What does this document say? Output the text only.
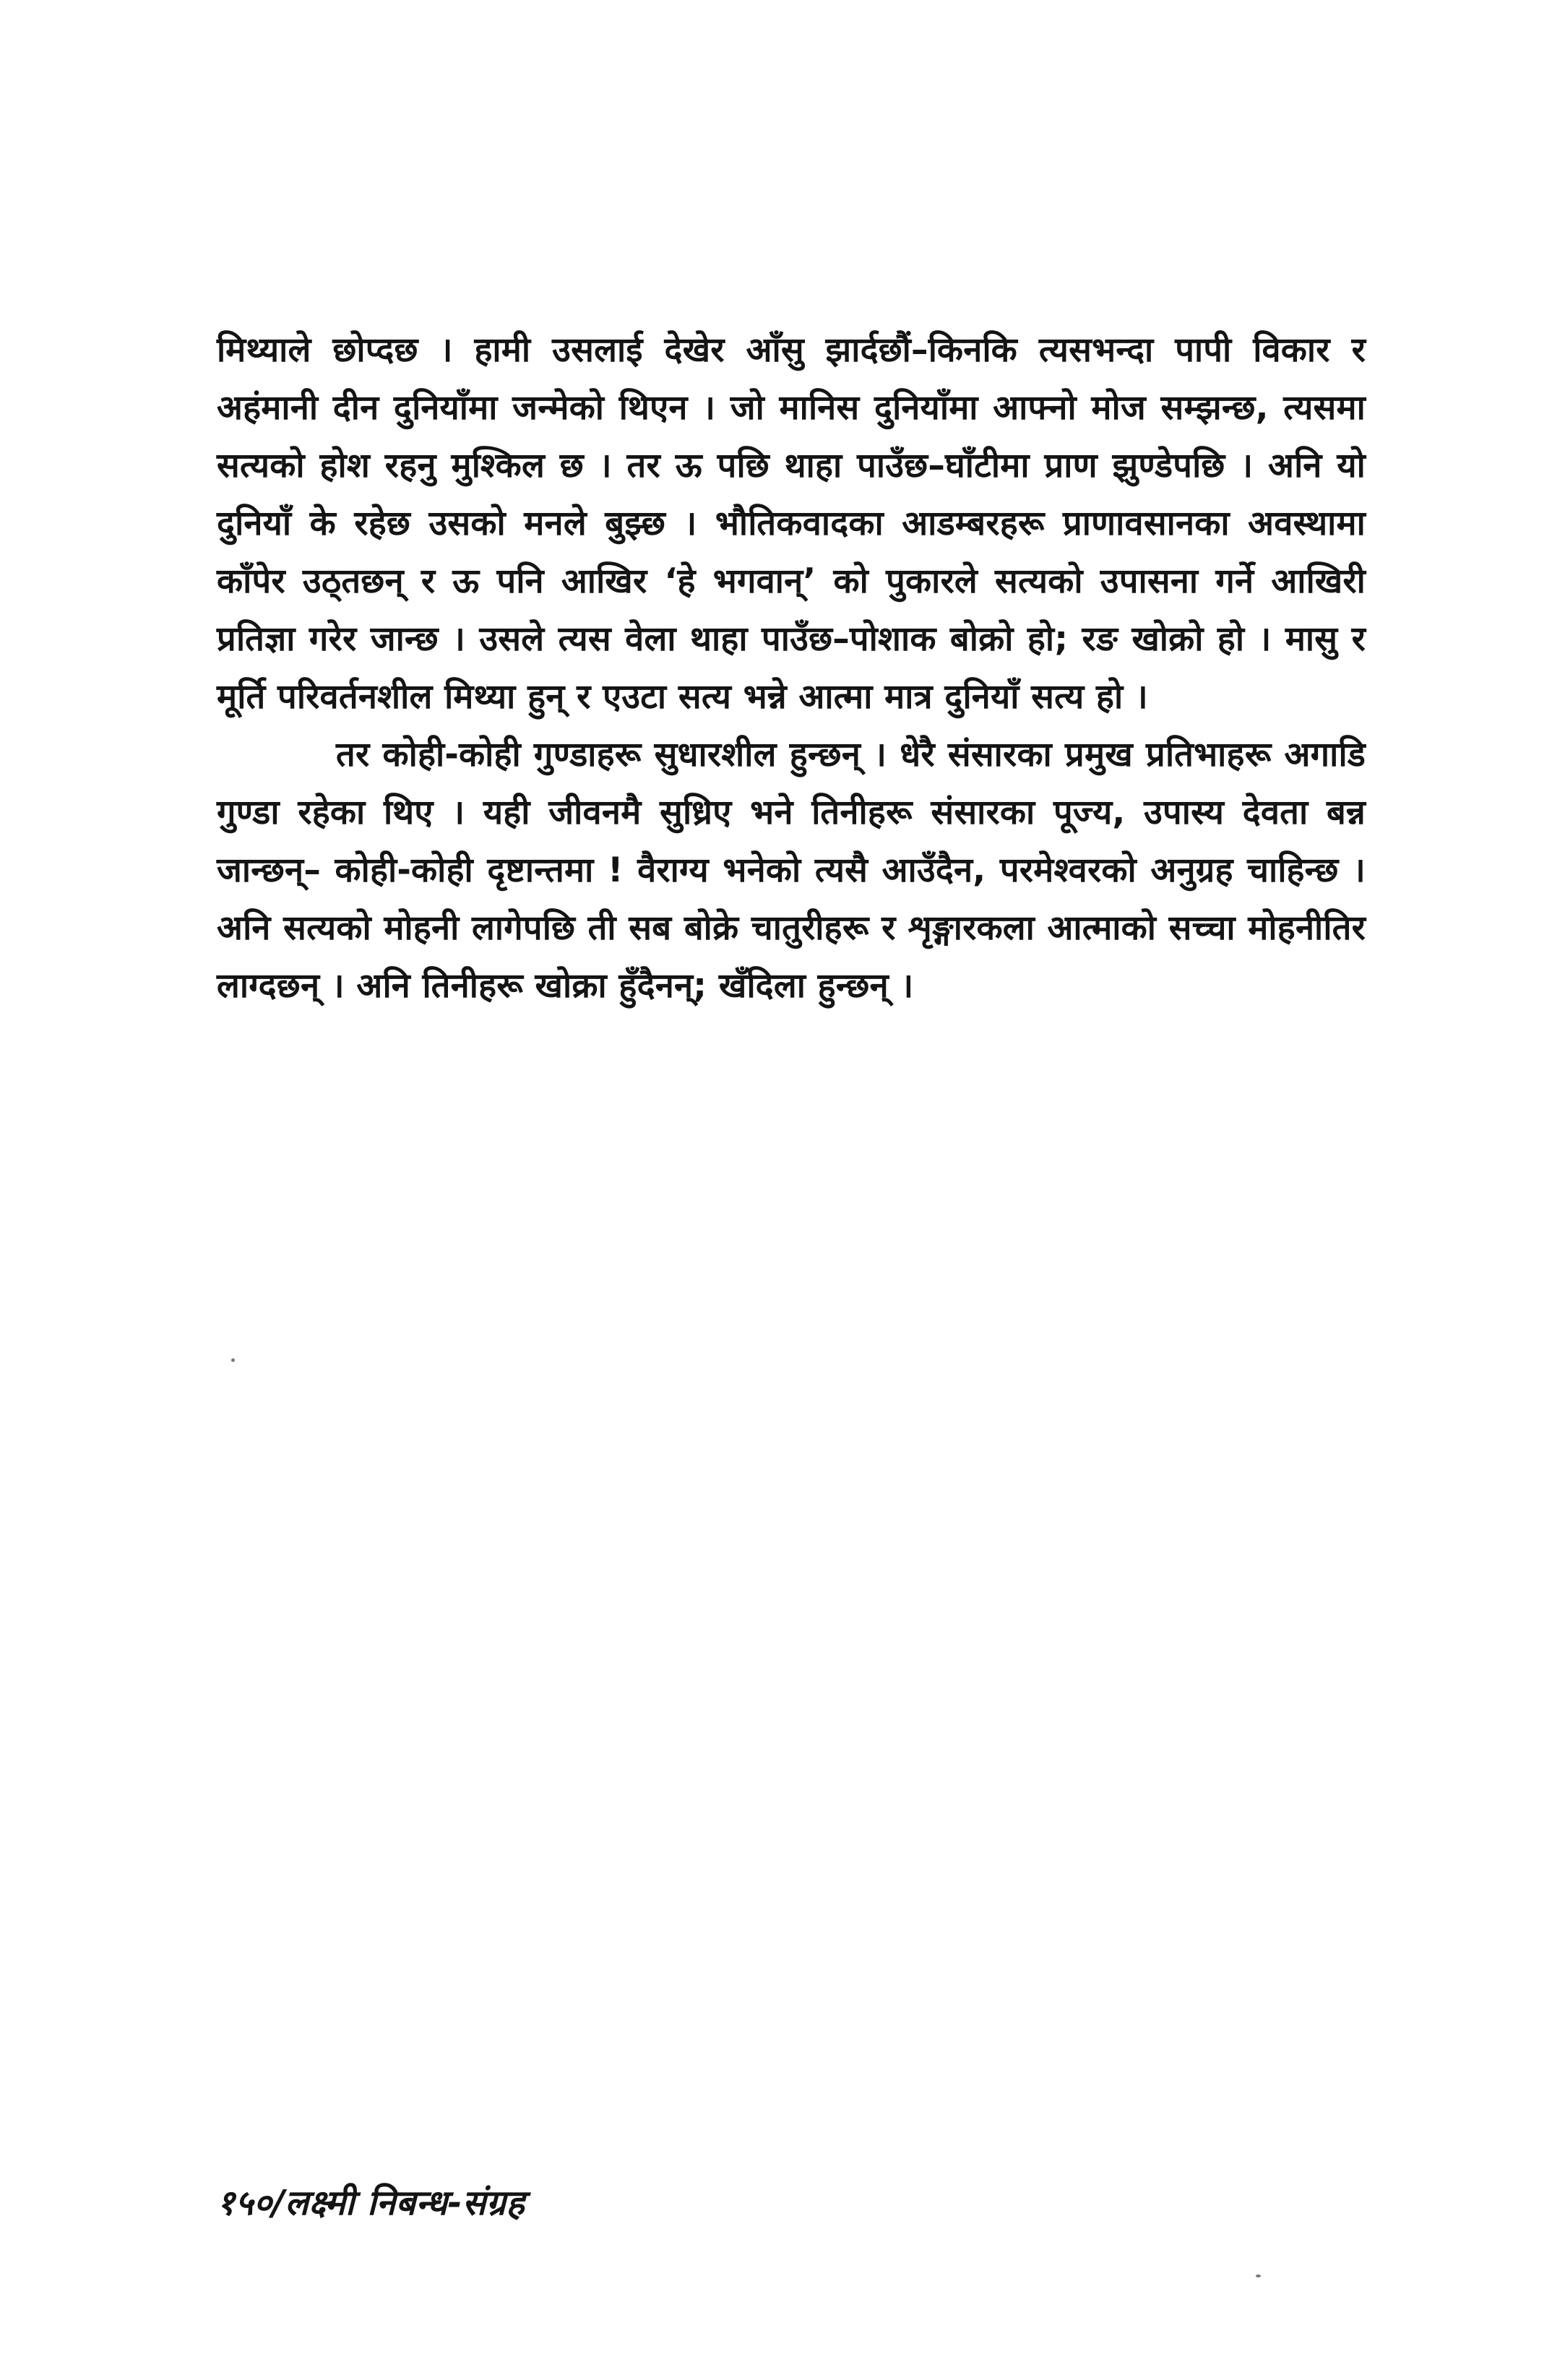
मिथ्याले छोप्दछ । हामी उसलाई देखेर आँसु झार्दछौं–किनकि त्यसभन्दा पापी विकार र अहंमानी दीन दुनियाँमा जन्मेको थिएन । जो मानिस दुनियाँमा आफ्नो मोज सम्झन्छ, त्यसमा सत्यको होश रहनु मुश्किल छ । तर ऊ पछि थाहा पाउँछ–घाँटीमा प्राण झुण्डेपछि । अनि यो दुनियाँ के रहेछ उसको मनले बुझ्छ । भौतिकवादका आडम्बरहरू प्राणावसानका अवस्थामा काँपेर उठ्तछन् र ऊ पनि आखिर ‘हे भगवान्’ को पुकारले सत्यको उपासना गर्ने आखिरी प्रतिज्ञा गरेर जान्छ । उसले त्यस वेला थाहा पाउँछ–पोशाक बोक्रो हो; रङ खोक्रो हो । मासु र मूर्ति परिवर्तनशील मिथ्या हुन् र एउटा सत्य भन्ने आत्मा मात्र दुनियाँ सत्य हो ।

तर कोही-कोही गुण्डाहरू सुधारशील हुन्छन् । धेरै संसारका प्रमुख प्रतिभाहरू अगाडि गुण्डा रहेका थिए । यही जीवनमै सुध्रिए भने तिनीहरू संसारका पूज्य, उपास्य देवता बन्न जान्छन्– कोही-कोही दृष्टान्तमा ! वैराग्य भनेको त्यसै आउँदैन, परमेश्वरको अनुग्रह चाहिन्छ । अनि सत्यको मोहनी लागेपछि ती सब बोक्रे चातुरीहरू र शृङ्गारकला आत्माको सच्चा मोहनीतिर लाग्दछन् । अनि तिनीहरू खोक्रा हुँदैनन्; खँदिला हुन्छन् ।

१५०/लक्ष्मी निबन्ध-संग्रह
